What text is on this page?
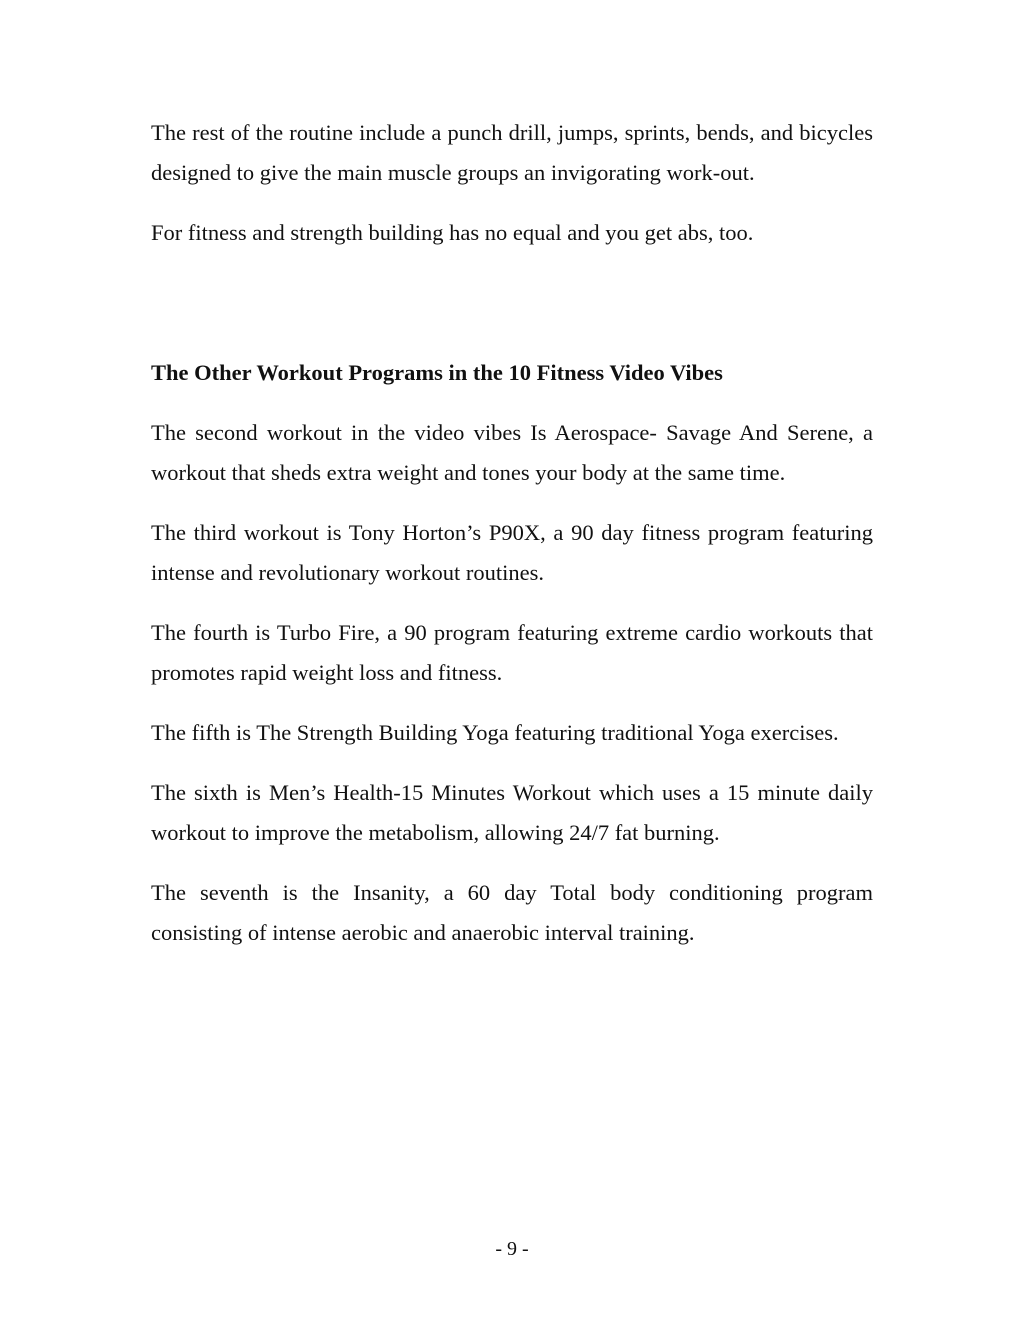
The rest of the routine include a punch drill, jumps, sprints, bends, and bicycles designed to give the main muscle groups an invigorating work-out.

For fitness and strength building has no equal and you get abs, too.

The Other Workout Programs in the 10 Fitness Video Vibes

The second workout in the video vibes Is Aerospace- Savage And Serene, a workout that sheds extra weight and tones your body at the same time.

The third workout is Tony Horton’s P90X, a 90 day fitness program featuring intense and revolutionary workout routines.

The fourth is Turbo Fire, a 90 program featuring extreme cardio workouts that promotes rapid weight loss and fitness.

The fifth is The Strength Building Yoga featuring traditional Yoga exercises.

The sixth is Men’s Health-15 Minutes Workout which uses a 15 minute daily workout to improve the metabolism, allowing 24/7 fat burning.

The seventh is the Insanity, a 60 day Total body conditioning program consisting of intense aerobic and anaerobic interval training.

- 9 -
